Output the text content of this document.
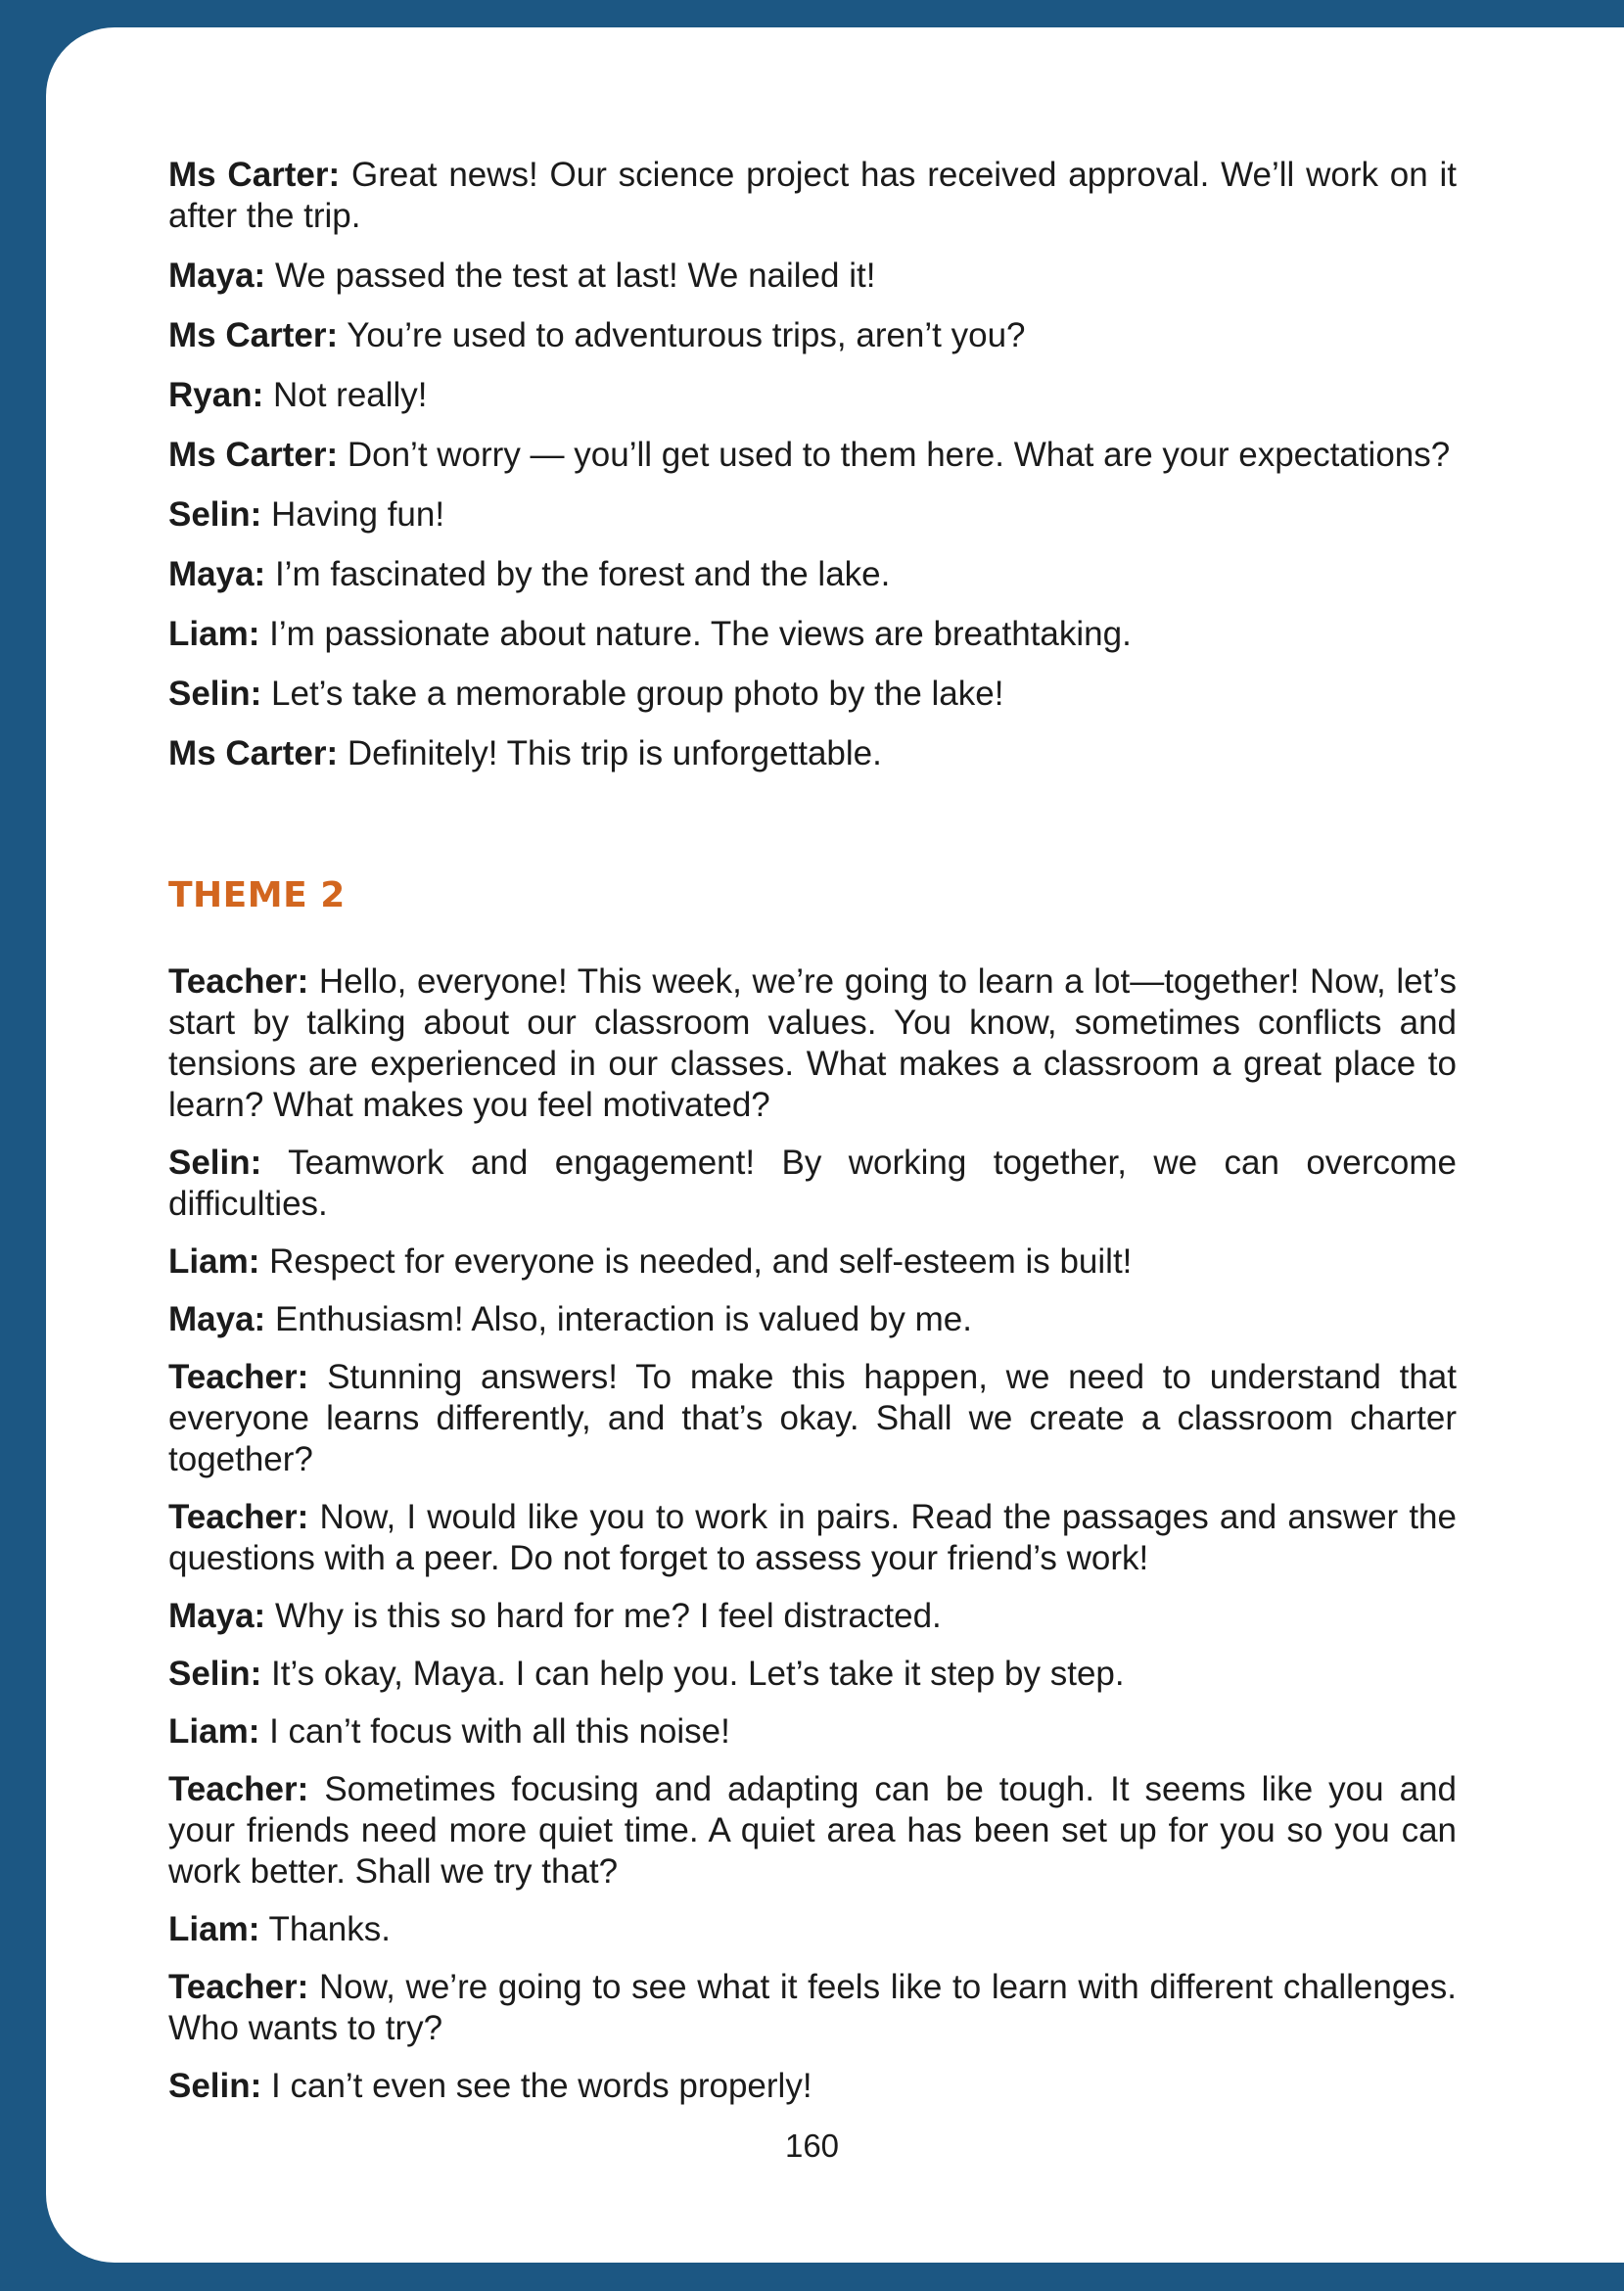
Ms Carter: Great news! Our science project has received approval. We’ll work on it after the trip.

Maya: We passed the test at last! We nailed it!

Ms Carter: You’re used to adventurous trips, aren’t you?

Ryan: Not really!

Ms Carter: Don’t worry — you’ll get used to them here. What are your expectations?

Selin: Having fun!

Maya: I’m fascinated by the forest and the lake.

Liam: I’m passionate about nature. The views are breathtaking.

Selin: Let’s take a memorable group photo by the lake!

Ms Carter: Definitely! This trip is unforgettable.

THEME 2

Teacher: Hello, everyone! This week, we’re going to learn a lot—together! Now, let’s start by talking about our classroom values. You know, sometimes conflicts and tensions are experienced in our classes. What makes a classroom a great place to learn? What makes you feel motivated?

Selin: Teamwork and engagement! By working together, we can overcome difficulties.

Liam: Respect for everyone is needed, and self-esteem is built!

Maya: Enthusiasm! Also, interaction is valued by me.

Teacher: Stunning answers! To make this happen, we need to understand that everyone learns differently, and that’s okay. Shall we create a classroom charter together?

Teacher: Now, I would like you to work in pairs. Read the passages and answer the questions with a peer. Do not forget to assess your friend’s work!

Maya: Why is this so hard for me? I feel distracted.

Selin: It’s okay, Maya. I can help you. Let’s take it step by step.

Liam: I can’t focus with all this noise!

Teacher: Sometimes focusing and adapting can be tough. It seems like you and your friends need more quiet time. A quiet area has been set up for you so you can work better. Shall we try that?

Liam: Thanks.

Teacher: Now, we’re going to see what it feels like to learn with different challenges. Who wants to try?

Selin: I can’t even see the words properly!

160
